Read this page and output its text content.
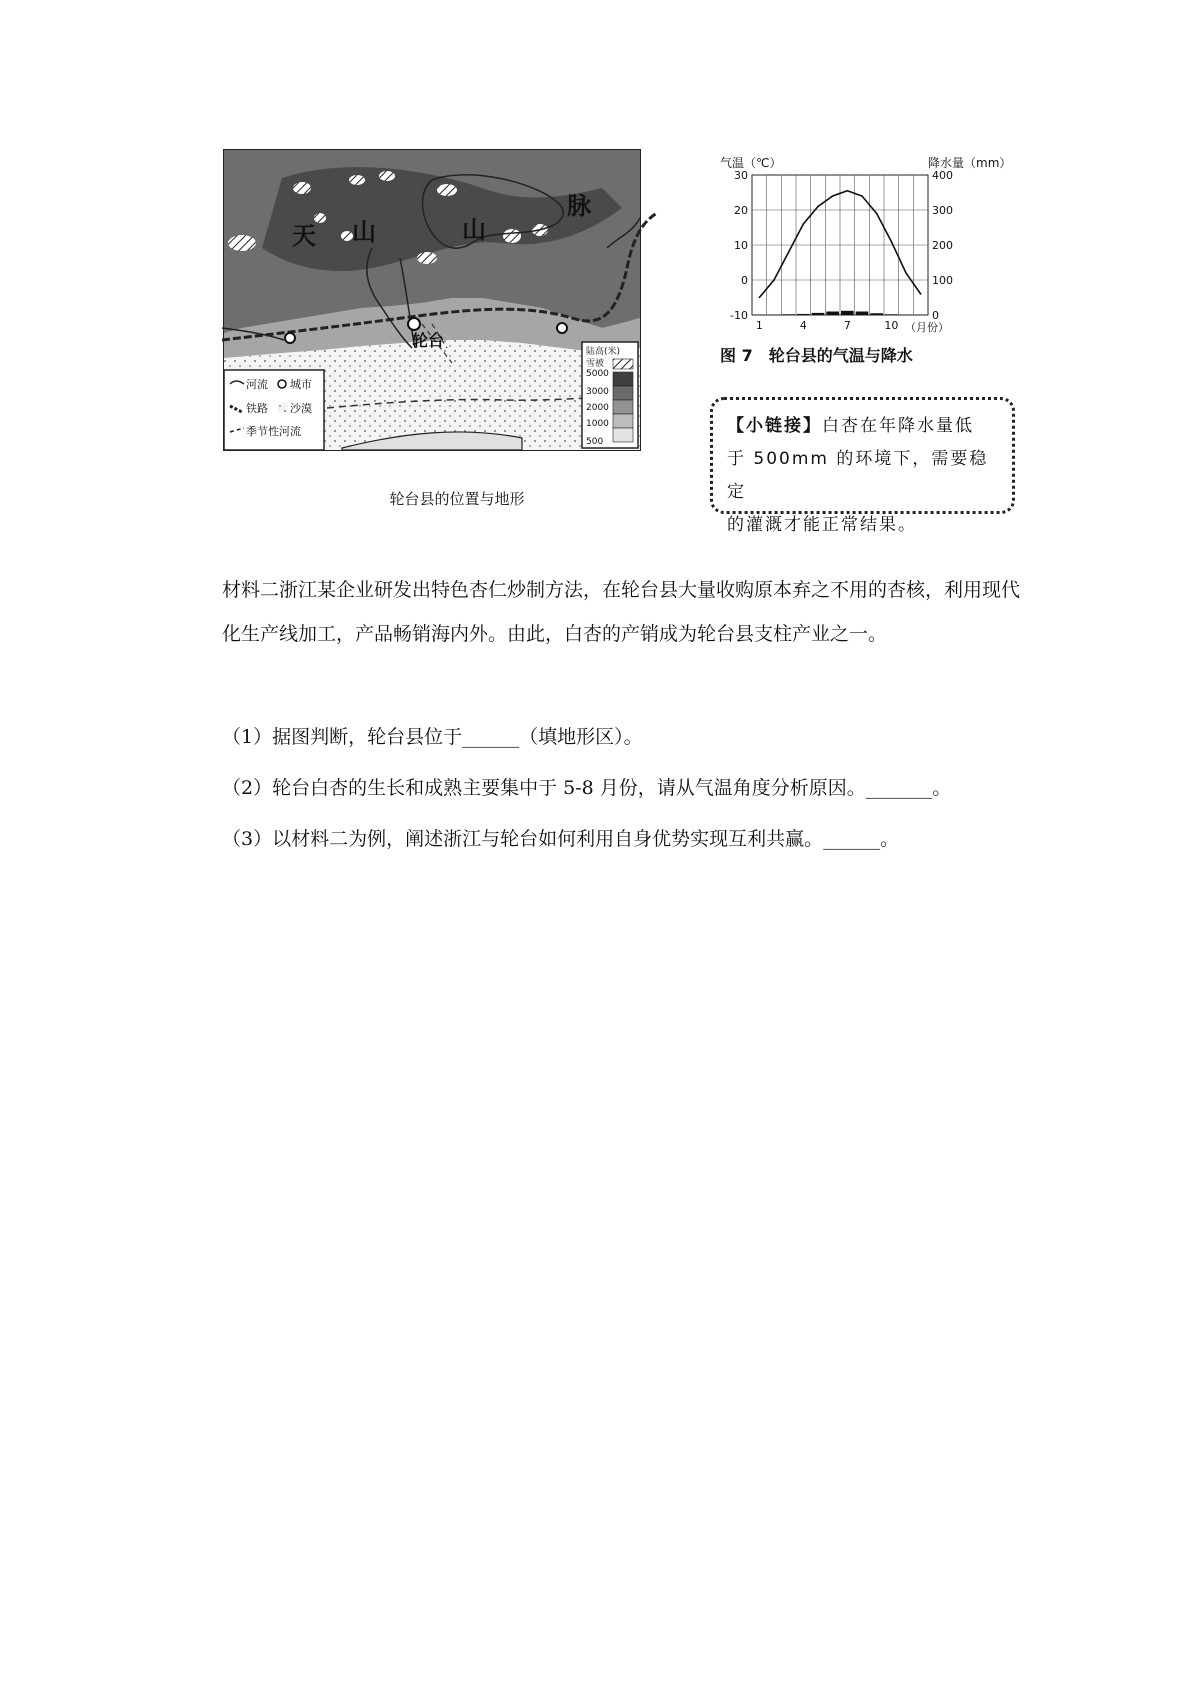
天 山	山
脉
轮台
河流 城市
铁路 沙漠
季节性河流
陆高(米)
雪被
5000
3000
2000
1000
500
轮台县的位置与地形
气温（℃）	降水量（mm）
30
20
10
0
-10
400
300
200
100
0
1	4	7	10 （月份）
图 7　轮台县的气温与降水
【小链接】白杏在年降水量低
于 500mm 的环境下，需要稳定
的灌溉才能正常结果。
材料二浙江某企业研发出特色杏仁炒制方法，在轮台县大量收购原本弃之不用的杏核，利用现代化生产线加工，产品畅销海内外。由此，白杏的产销成为轮台县支柱产业之一。
（1）据图判断，轮台县位于______（填地形区）。
（2）轮台白杏的生长和成熟主要集中于 5-8 月份，请从气温角度分析原因。_______。
（3）以材料二为例，阐述浙江与轮台如何利用自身优势实现互利共赢。______。
